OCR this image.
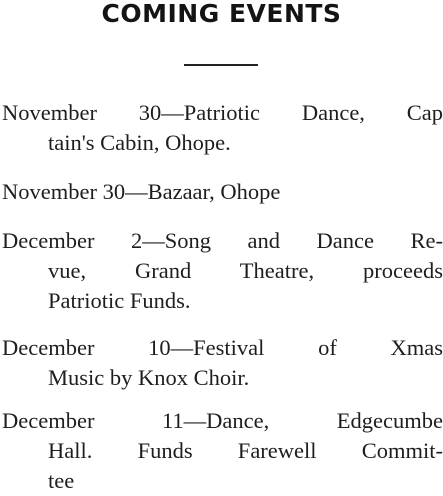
COMING EVENTS
November 30—Patriotic Dance, Cap
tain's Cabin, Ohope.
November 30—Bazaar, Ohope
December 2—Song and Dance Re-
vue, Grand Theatre, proceeds
Patriotic Funds.
December 10—Festival of Xmas
Music by Knox Choir.
December 11—Dance, Edgecumbe
Hall. Funds Farewell Commit-
tee
